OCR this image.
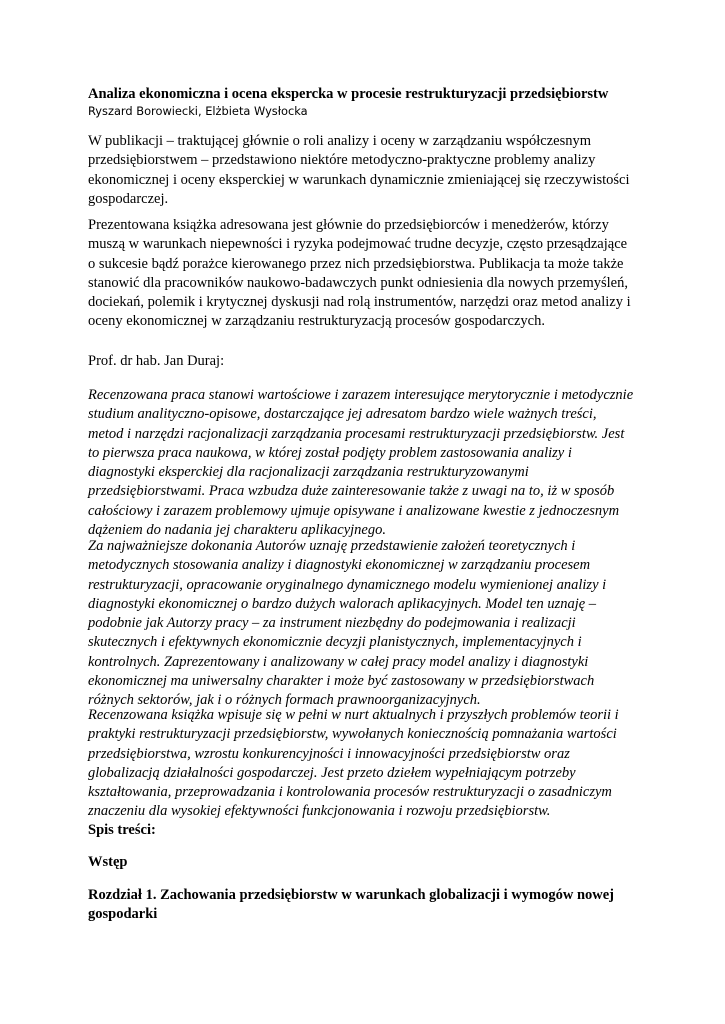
Analiza ekonomiczna i ocena ekspercka w procesie restrukturyzacji przedsiębiorstw
Ryszard Borowiecki, Elżbieta Wysłocka
W publikacji – traktującej głównie o roli analizy i oceny w zarządzaniu współczesnym
przedsiębiorstwem – przedstawiono niektóre metodyczno-praktyczne problemy analizy
ekonomicznej i oceny eksperckiej w warunkach dynamicznie zmieniającej się rzeczywistości
gospodarczej.
Prezentowana książka adresowana jest głównie do przedsiębiorców i menedżerów, którzy
muszą w warunkach niepewności i ryzyka podejmować trudne decyzje, często przesądzające
o sukcesie bądź porażce kierowanego przez nich przedsiębiorstwa. Publikacja ta może także
stanowić dla pracowników naukowo-badawczych punkt odniesienia dla nowych przemyśleń,
dociekań, polemik i krytycznej dyskusji nad rolą instrumentów, narzędzi oraz metod analizy i
oceny ekonomicznej w zarządzaniu restrukturyzacją procesów gospodarczych.
Prof. dr hab. Jan Duraj:
Recenzowana praca stanowi wartościowe i zarazem interesujące merytorycznie i metodycznie
studium analityczno-opisowe, dostarczające jej adresatom bardzo wiele ważnych treści,
metod i narzędzi racjonalizacji zarządzania procesami restrukturyzacji przedsiębiorstw. Jest
to pierwsza praca naukowa, w której został podjęty problem zastosowania analizy i
diagnostyki eksperckiej dla racjonalizacji zarządzania restrukturyzowanymi
przedsiębiorstwami. Praca wzbudza duże zainteresowanie także z uwagi na to, iż w sposób
całościowy i zarazem problemowy ujmuje opisywane i analizowane kwestie z jednoczesnym
dążeniem do nadania jej charakteru aplikacyjnego.
Za najważniejsze dokonania Autorów uznaję przedstawienie założeń teoretycznych i
metodycznych stosowania analizy i diagnostyki ekonomicznej w zarządzaniu procesem
restrukturyzacji, opracowanie oryginalnego dynamicznego modelu wymienionej analizy i
diagnostyki ekonomicznej o bardzo dużych walorach aplikacyjnych. Model ten uznaję –
podobnie jak Autorzy pracy – za instrument niezbędny do podejmowania i realizacji
skutecznych i efektywnych ekonomicznie decyzji planistycznych, implementacyjnych i
kontrolnych. Zaprezentowany i analizowany w całej pracy model analizy i diagnostyki
ekonomicznej ma uniwersalny charakter i może być zastosowany w przedsiębiorstwach
różnych sektorów, jak i o różnych formach prawnoorganizacyjnych.
Recenzowana książka wpisuje się w pełni w nurt aktualnych i przyszłych problemów teorii i
praktyki restrukturyzacji przedsiębiorstw, wywołanych koniecznością pomnażania wartości
przedsiębiorstwa, wzrostu konkurencyjności i innowacyjności przedsiębiorstw oraz
globalizacją działalności gospodarczej. Jest przeto dziełem wypełniającym potrzeby
kształtowania, przeprowadzania i kontrolowania procesów restrukturyzacji o zasadniczym
znaczeniu dla wysokiej efektywności funkcjonowania i rozwoju przedsiębiorstw.
Spis treści:
Wstęp
Rozdział 1. Zachowania przedsiębiorstw w warunkach globalizacji i wymogów nowej
gospodarki
